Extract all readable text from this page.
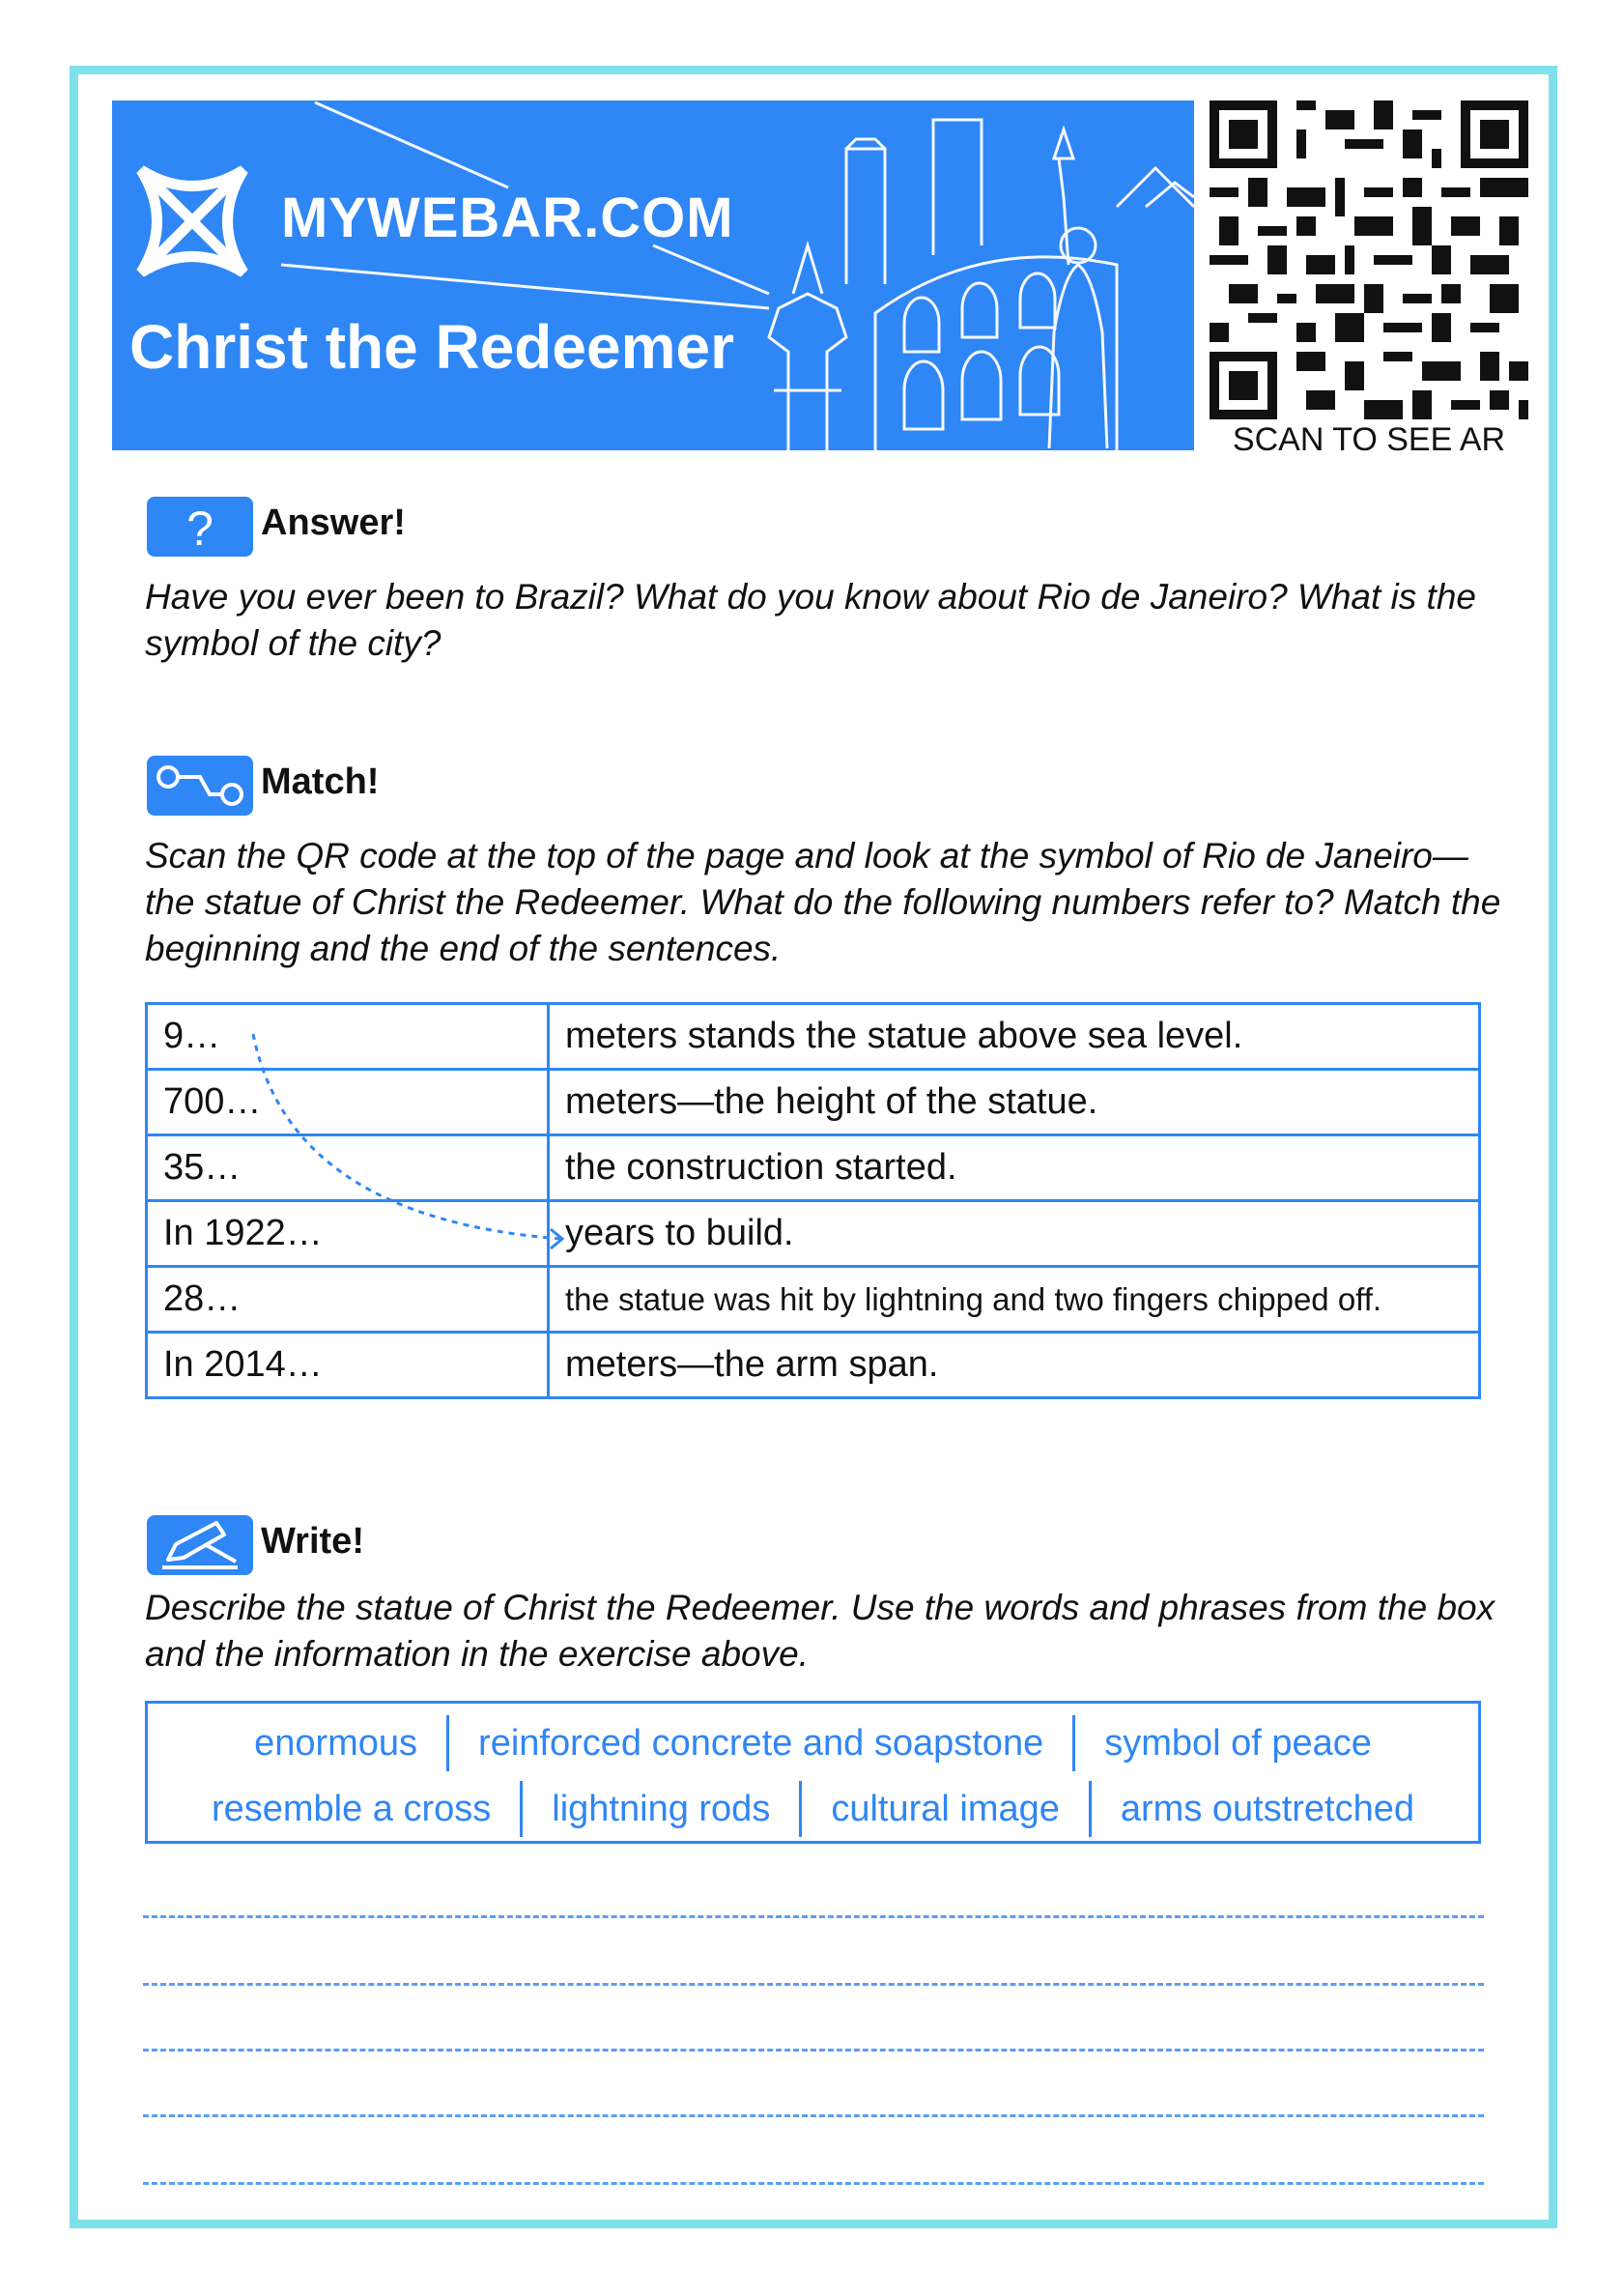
MYWEBAR.COM
Christ the Redeemer
SCAN TO SEE AR
? Answer!
Have you ever been to Brazil? What do you know about Rio de Janeiro? What is the symbol of the city?
Match!
Scan the QR code at the top of the page and look at the symbol of Rio de Janeiro—the statue of Christ the Redeemer. What do the following numbers refer to? Match the beginning and the end of the sentences.
9…	meters stands the statue above sea level.
700…	meters—the height of the statue.
35…	the construction started.
In 1922…	years to build.
28…	the statue was hit by lightning and two fingers chipped off.
In 2014…	meters—the arm span.
Write!
Describe the statue of Christ the Redeemer. Use the words and phrases from the box and the information in the exercise above.
enormous	reinforced concrete and soapstone	symbol of peace
resemble a cross	lightning rods	cultural image	arms outstretched
